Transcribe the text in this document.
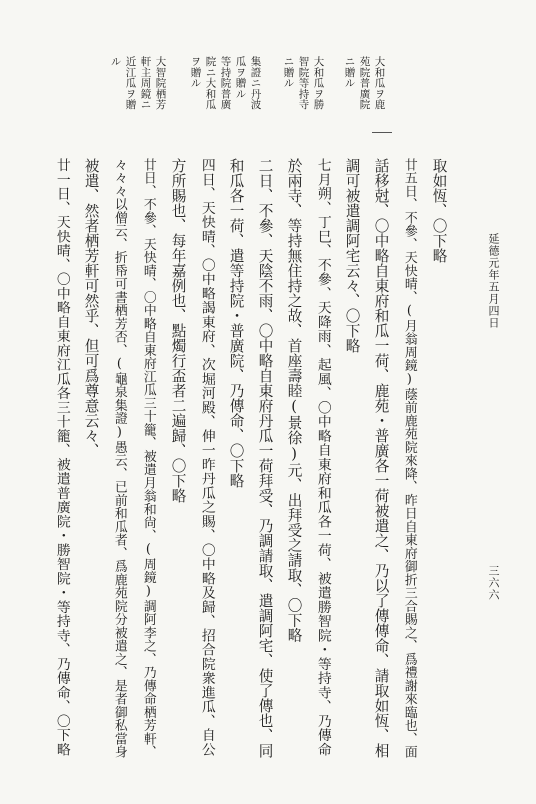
延德元年五月四日
三六六
大和瓜ヲ鹿
苑院普廣院
ニ贈ル
大和瓜ヲ勝
智院等持寺
ニ贈ル
集證ニ丹波
瓜ヲ贈ル
等持院普廣
院ニ大和瓜
ヲ贈ル
大智院栖芳
軒主周鏡ニ
近江瓜ヲ贈
ル
取如恆、〇下略
廿五日、不參、天快晴、(月翁周鏡)蔭前鹿苑院來降、昨日自東府御折三合賜之、爲禮謝來臨也、面
話移尅、〇中略自東府和瓜一荷、鹿苑・普廣各一荷被遣之、乃以了傳傳命、請取如恆、相
調可被遣調阿宅云々、〇下略
七月朔、丁巳、不參、天降雨、起風、〇中略自東府和瓜各一荷、被遣勝智院・等持寺、乃傳命
於兩寺、等持無住持之故、首座壽睦(景徐)元、出拜受之請取、〇下略
二日、不參、天陰不雨、〇中略自東府丹瓜一荷拜受、乃調請取、遣調阿宅、使了傳也、同
和瓜各一荷、遣等持院・普廣院、乃傳命、〇下略
四日、天快晴、〇中略謁東府、次堀河殿、伸一昨丹瓜之賜、〇中略及歸、招合院衆進瓜、自公
方所賜也、每年嘉例也、點燭行盃者二遍歸、〇下略
廿日、不參、天快晴、〇中略自東府江瓜三十籠、被遣月翁和尙、(周鏡)調阿李之、乃傳命栖芳軒、
々々々以僧云、折帋可書栖芳否、(龜泉集證)愚云、已前和瓜者、爲鹿苑院分被遣之、是者御私當身
被遣、然者栖芳軒可然乎、但可爲尊意云々、
廿一日、天快晴、〇中略自東府江瓜各三十籠、被遣普廣院・勝智院・等持寺、乃傳命、〇下略
